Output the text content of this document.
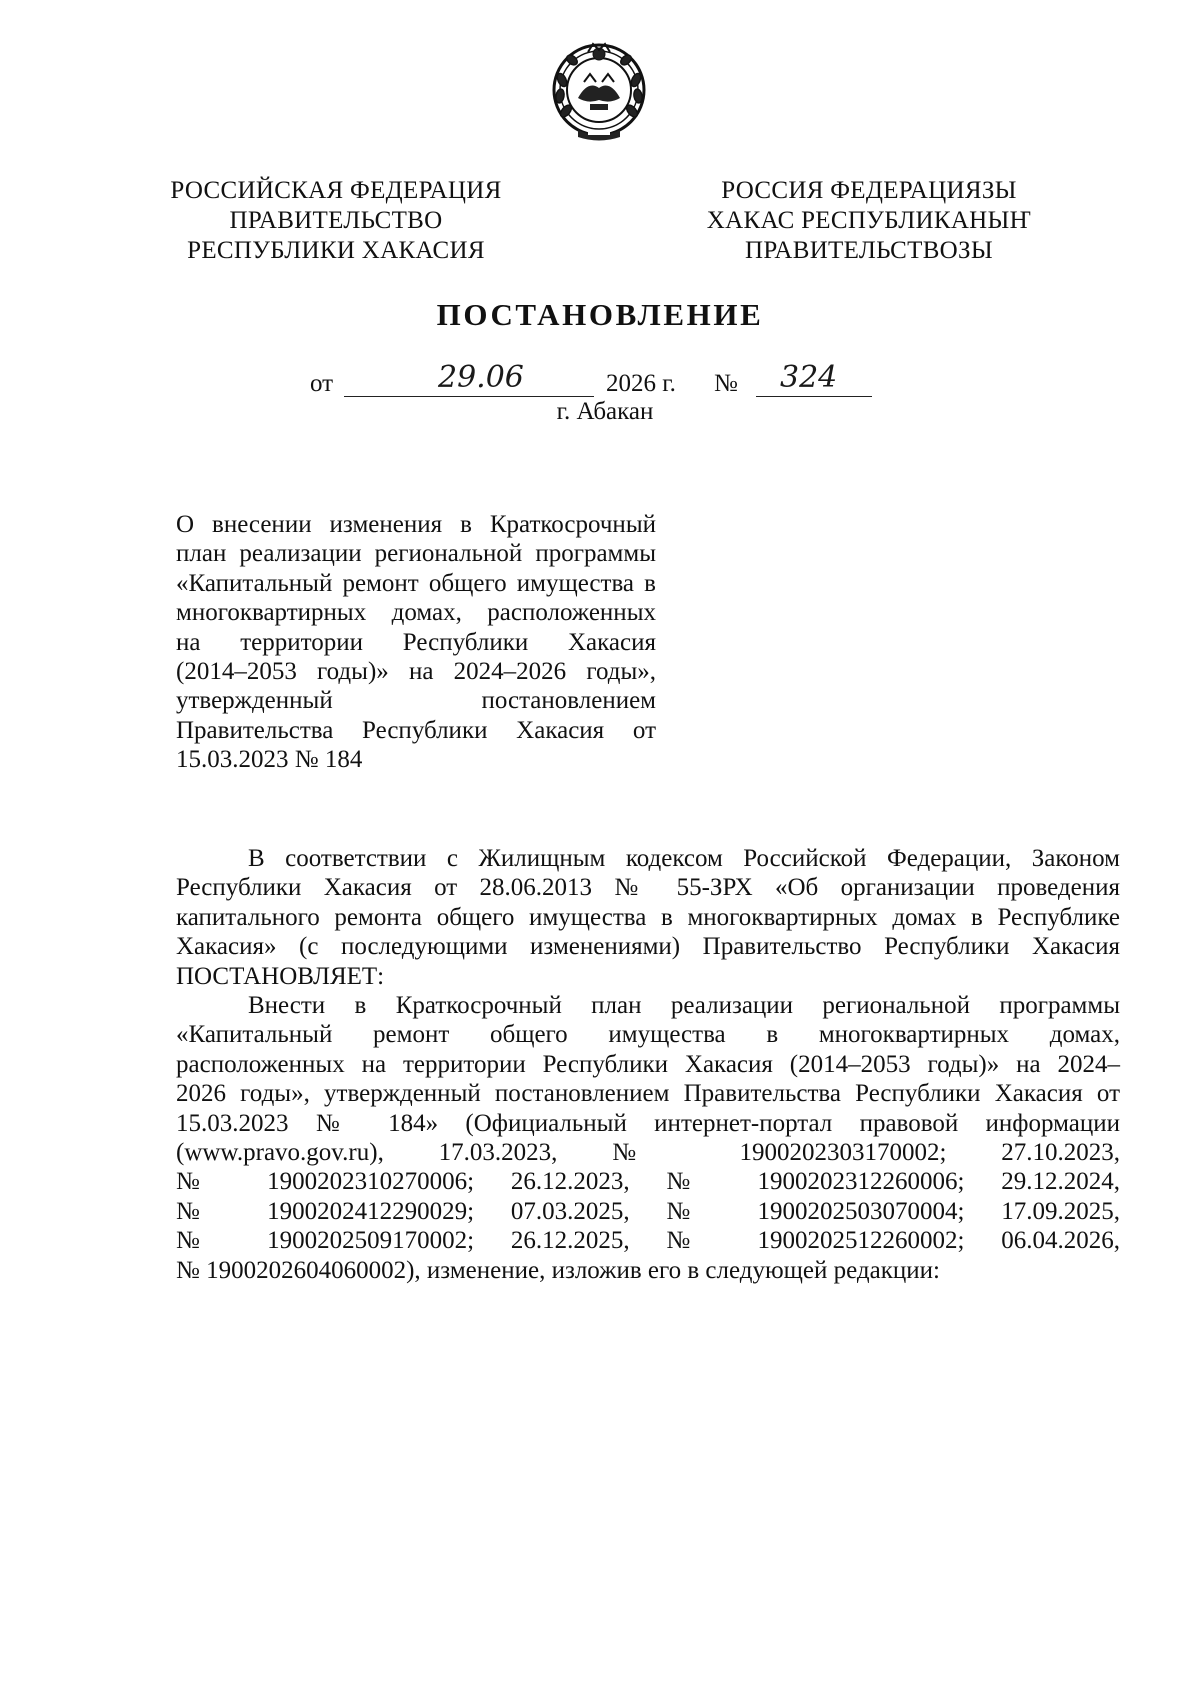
РОССИЙСКАЯ ФЕДЕРАЦИЯ
ПРАВИТЕЛЬСТВО
РЕСПУБЛИКИ ХАКАСИЯ
РОССИЯ ФЕДЕРАЦИЯЗЫ
ХАКАС РЕСПУБЛИКАНЫҤ
ПРАВИТЕЛЬСТВОЗЫ
ПОСТАНОВЛЕНИЕ
от	29.06	2026 г. № 324
г. Абакан
О внесении изменения в Краткосрочный
план реализации региональной программы
«Капитальный ремонт общего имущества в
многоквартирных домах, расположенных
на территории Республики Хакасия
(2014–2053 годы)» на 2024–2026 годы»,
утвержденный постановлением
Правительства Республики Хакасия от
15.03.2023 № 184
В соответствии с Жилищным кодексом Российской Федерации, Законом
Республики Хакасия от 28.06.2013 № 55-ЗРХ «Об организации проведения
капитального ремонта общего имущества в многоквартирных домах в Республике
Хакасия» (с последующими изменениями) Правительство Республики Хакасия
ПОСТАНОВЛЯЕТ:
Внести в Краткосрочный план реализации региональной программы
«Капитальный ремонт общего имущества в многоквартирных домах,
расположенных на территории Республики Хакасия (2014–2053 годы)» на 2024–
2026 годы», утвержденный постановлением Правительства Республики Хакасия от
15.03.2023 № 184» (Официальный интернет-портал правовой информации
(www.pravo.gov.ru), 17.03.2023, № 1900202303170002; 27.10.2023,
№ 1900202310270006; 26.12.2023, № 1900202312260006; 29.12.2024,
№ 1900202412290029; 07.03.2025, № 1900202503070004; 17.09.2025,
№ 1900202509170002; 26.12.2025, № 1900202512260002; 06.04.2026,
№ 1900202604060002), изменение, изложив его в следующей редакции:
